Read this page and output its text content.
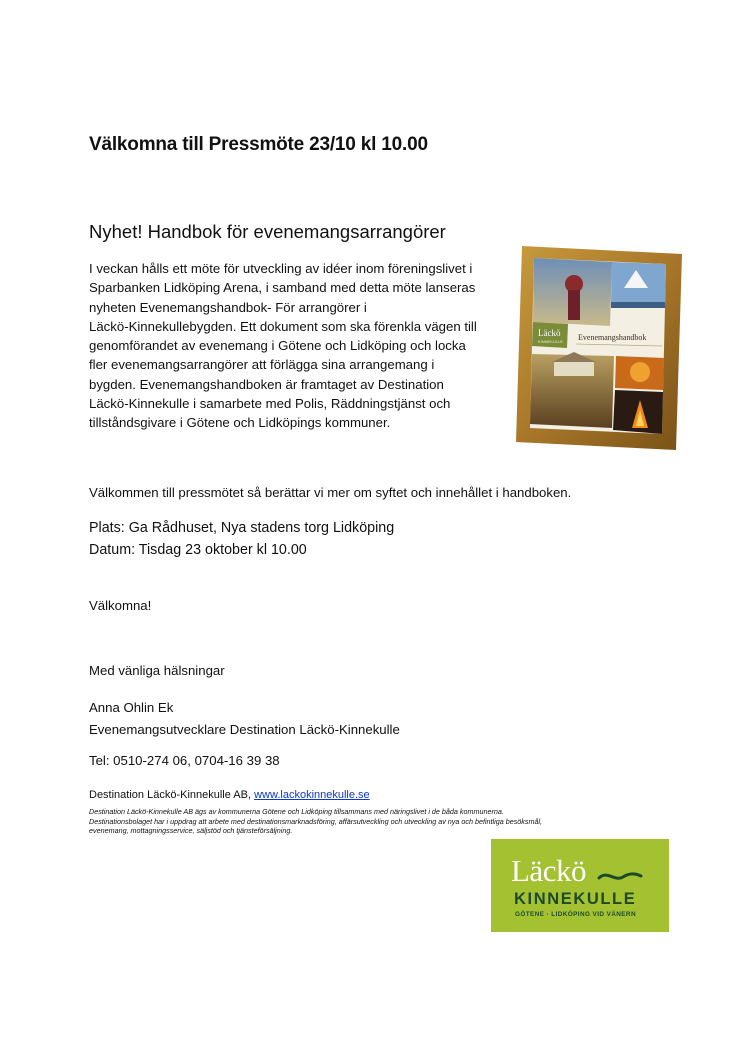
Välkomna till Pressmöte 23/10 kl 10.00
Nyhet! Handbok för evenemangsarrangörer

I veckan hålls ett möte för utveckling av idéer inom föreningslivet i

Sparbanken Lidköping Arena, i samband med detta möte lanseras

nyheten Evenemangshandbok- För arrangörer i

Läckö-Kinnekullebygden. Ett dokument som ska förenkla vägen till

genomförandet av evenemang i Götene och Lidköping och locka

fler evenemangsarrangörer att förlägga sina arrangemang i

bygden. Evenemangshandboken är framtaget av Destination

Läckö-Kinnekulle i samarbete med Polis, Räddningstjänst och

tillståndsgivare i Götene och Lidköpings kommuner.

Läckö
KINNEKULLE Evenemangshandbok
Välkommen till pressmötet så berättar vi mer om syftet och innehållet i handboken.
Plats: Ga Rådhuset, Nya stadens torg Lidköping
Datum: Tisdag 23 oktober kl 10.00
Välkomna!
Med vänliga hälsningar
Anna Ohlin Ek
Evenemangsutvecklare Destination Läckö-Kinnekulle
Tel: 0510-274 06, 0704-16 39 38
Destination Läckö-Kinnekulle AB, www.lackokinnekulle.se
Destination Läckö-Kinnekulle AB ägs av kommunerna Götene och Lidköping tillsammans med näringslivet i de båda kommunerna.
Destinationsbolaget har i uppdrag att arbete med destinationsmarknadsföring, affärsutveckling och utveckling av nya och befintliga besöksmål,
evenemang, mottagningsservice, säljstöd och tjänsteförsäljning.
Läckö
KINNEKULLE
GÖTENE · LIDKÖPING VID VÄNERN
